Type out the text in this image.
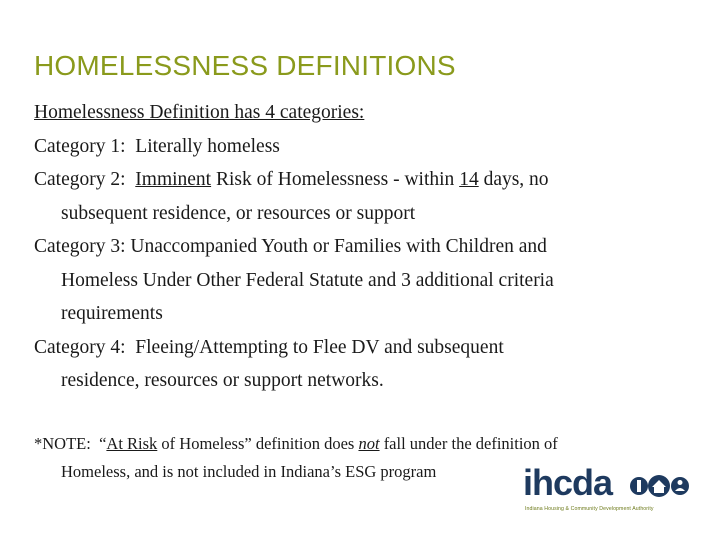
HOMELESSNESS DEFINITIONS

Homelessness Definition has 4 categories:

Category 1: Literally homeless

Category 2: Imminent Risk of Homelessness - within 14 days, no

subsequent residence, or resources or support

Category 3: Unaccompanied Youth or Families with Children and

Homeless Under Other Federal Statute and 3 additional criteria

requirements

Category 4: Fleeing/Attempting to Flee DV and subsequent

residence, resources or support networks.

*NOTE: “At Risk of Homeless” definition does not fall under the definition of

Homeless, and is not included in Indiana’s ESG program	ihcda
Indiana Housing & Community Development Authority
